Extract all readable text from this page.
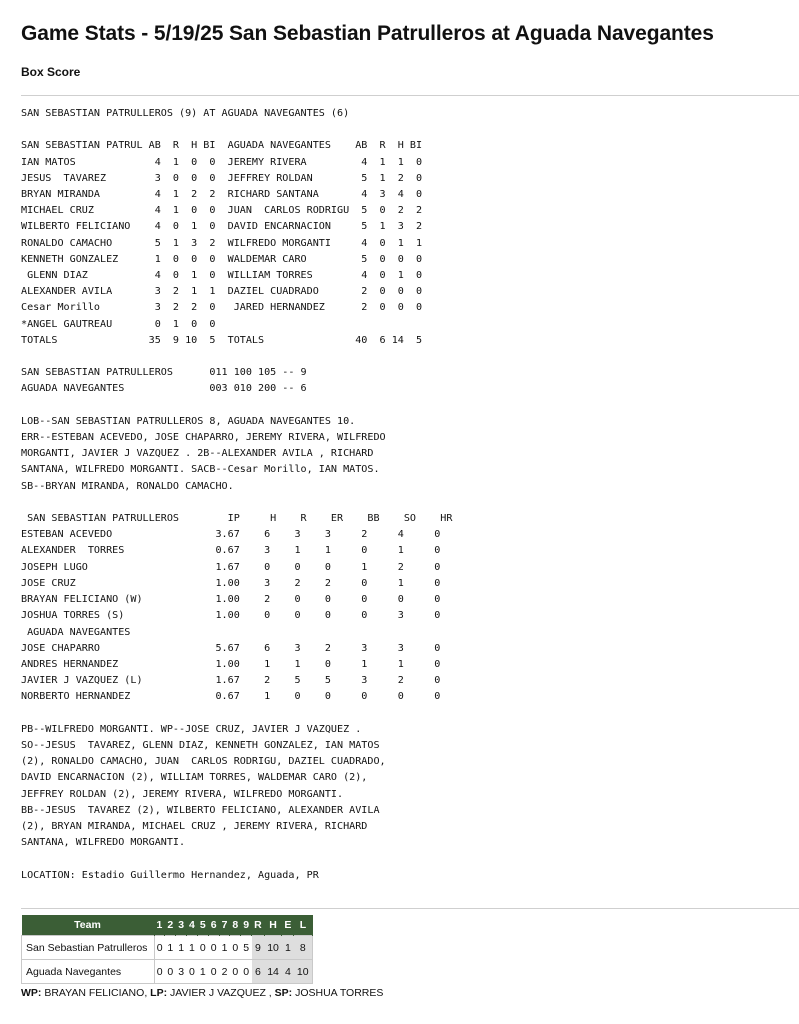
Game Stats - 5/19/25 San Sebastian Patrulleros at Aguada Navegantes
Box Score
SAN SEBASTIAN PATRULLEROS (9) AT AGUADA NAVEGANTES (6)

SAN SEBASTIAN PATRUL AB  R  H BI  AGUADA NAVEGANTES    AB  R  H BI
IAN MATOS             4  1  0  0  JEREMY RIVERA         4  1  1  0
JESUS  TAVAREZ        3  0  0  0  JEFFREY ROLDAN        5  1  2  0
BRYAN MIRANDA         4  1  2  2  RICHARD SANTANA       4  3  4  0
MICHAEL CRUZ          4  1  0  0  JUAN  CARLOS RODRIGU  5  0  2  2
WILBERTO FELICIANO    4  0  1  0  DAVID ENCARNACION     5  1  3  2
RONALDO CAMACHO       5  1  3  2  WILFREDO MORGANTI     4  0  1  1
KENNETH GONZALEZ      1  0  0  0  WALDEMAR CARO         5  0  0  0
GLENN DIAZ           4  0  1  0  WILLIAM TORRES        4  0  1  0
ALEXANDER AVILA       3  2  1  1  DAZIEL CUADRADO       2  0  0  0
Cesar Morillo         3  2  2  0   JARED HERNANDEZ      2  0  0  0
*ANGEL GAUTREAU       0  1  0  0
TOTALS               35  9 10  5  TOTALS               40  6 14  5

SAN SEBASTIAN PATRULLEROS      011 100 105 -- 9
AGUADA NAVEGANTES              003 010 200 -- 6

LOB--SAN SEBASTIAN PATRULLEROS 8, AGUADA NAVEGANTES 10.
ERR--ESTEBAN ACEVEDO, JOSE CHAPARRO, JEREMY RIVERA, WILFREDO
MORGANTI, JAVIER J VAZQUEZ . 2B--ALEXANDER AVILA , RICHARD
SANTANA, WILFREDO MORGANTI. SACB--Cesar Morillo, IAN MATOS.
SB--BRYAN MIRANDA, RONALDO CAMACHO.

SAN SEBASTIAN PATRULLEROS        IP     H    R    ER    BB    SO    HR
ESTEBAN ACEVEDO                 3.67    6    3    3     2     4     0
ALEXANDER  TORRES               0.67    3    1    1     0     1     0
JOSEPH LUGO                     1.67    0    0    0     1     2     0
JOSE CRUZ                       1.00    3    2    2     0     1     0
BRAYAN FELICIANO (W)            1.00    2    0    0     0     0     0
JOSHUA TORRES (S)               1.00    0    0    0     0     3     0
AGUADA NAVEGANTES
JOSE CHAPARRO                   5.67    6    3    2     3     3     0
ANDRES HERNANDEZ                1.00    1    1    0     1     1     0
JAVIER J VAZQUEZ (L)            1.67    2    5    5     3     2     0
NORBERTO HERNANDEZ              0.67    1    0    0     0     0     0

PB--WILFREDO MORGANTI. WP--JOSE CRUZ, JAVIER J VAZQUEZ .
SO--JESUS  TAVAREZ, GLENN DIAZ, KENNETH GONZALEZ, IAN MATOS
(2), RONALDO CAMACHO, JUAN  CARLOS RODRIGU, DAZIEL CUADRADO,
DAVID ENCARNACION (2), WILLIAM TORRES, WALDEMAR CARO (2),
JEFFREY ROLDAN (2), JEREMY RIVERA, WILFREDO MORGANTI.
BB--JESUS  TAVAREZ (2), WILBERTO FELICIANO, ALEXANDER AVILA
(2), BRYAN MIRANDA, MICHAEL CRUZ , JEREMY RIVERA, RICHARD
SANTANA, WILFREDO MORGANTI.

LOCATION: Estadio Guillermo Hernandez, Aguada, PR
Team	1	2	3	4	5	6	7	8	9	R	H	E	L
San Sebastian Patrulleros	0	1	1	1	0	0	1	0	5	9	10	1	8
Aguada Navegantes	0	0	3	0	1	0	2	0	0	6	14	4	10
WP: BRAYAN FELICIANO, LP: JAVIER J VAZQUEZ , SP: JOSHUA TORRES
